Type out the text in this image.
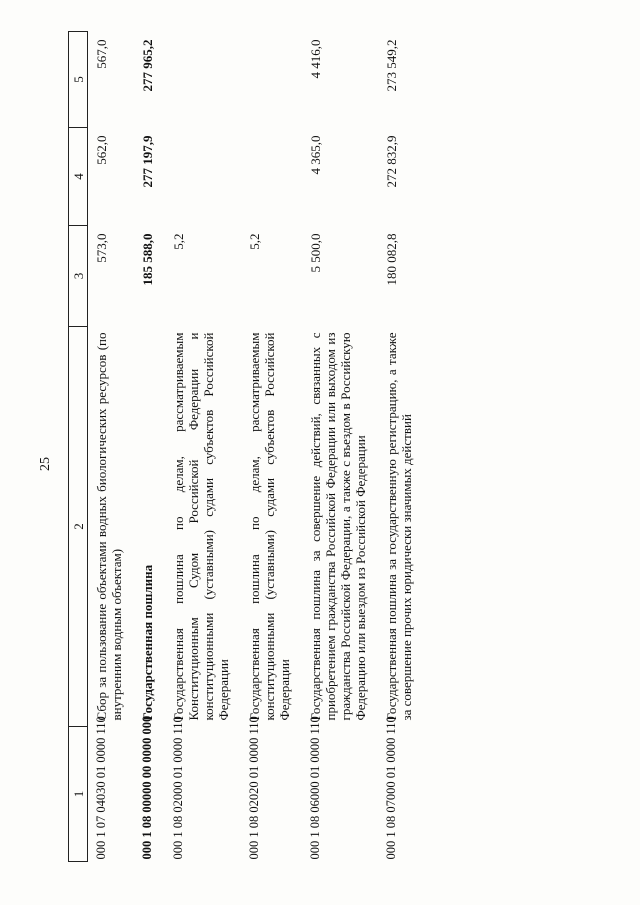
25
1	2	3	4	5
000 1 07 04030 01 0000 110	Сбор за пользование объектами водных биологических ресурсов (по внутренним водным объектам)	573,0	562,0	567,0
000 1 08 00000 00 0000 000	Государственная пошлина	185 588,0	277 197,9	277 965,2
000 1 08 02000 01 0000 110	Государственная пошлина по делам, рассматриваемым Конституционным Судом Российской Федерации и конституционными (уставными) судами субъектов Российской Федерации	5,2		
000 1 08 02020 01 0000 110	Государственная пошлина по делам, рассматриваемым конституционными (уставными) судами субъектов Российской Федерации	5,2		
000 1 08 06000 01 0000 110	Государственная пошлина за совершение действий, связанных с приобретением гражданства Российской Федерации или выходом из гражданства Российской Федерации, а также с въездом в Российскую Федерацию или выездом из Российской Федерации	5 500,0	4 365,0	4 416,0
000 1 08 07000 01 0000 110	Государственная пошлина за государственную регистрацию, а также за совершение прочих юридически значимых действий	180 082,8	272 832,9	273 549,2
